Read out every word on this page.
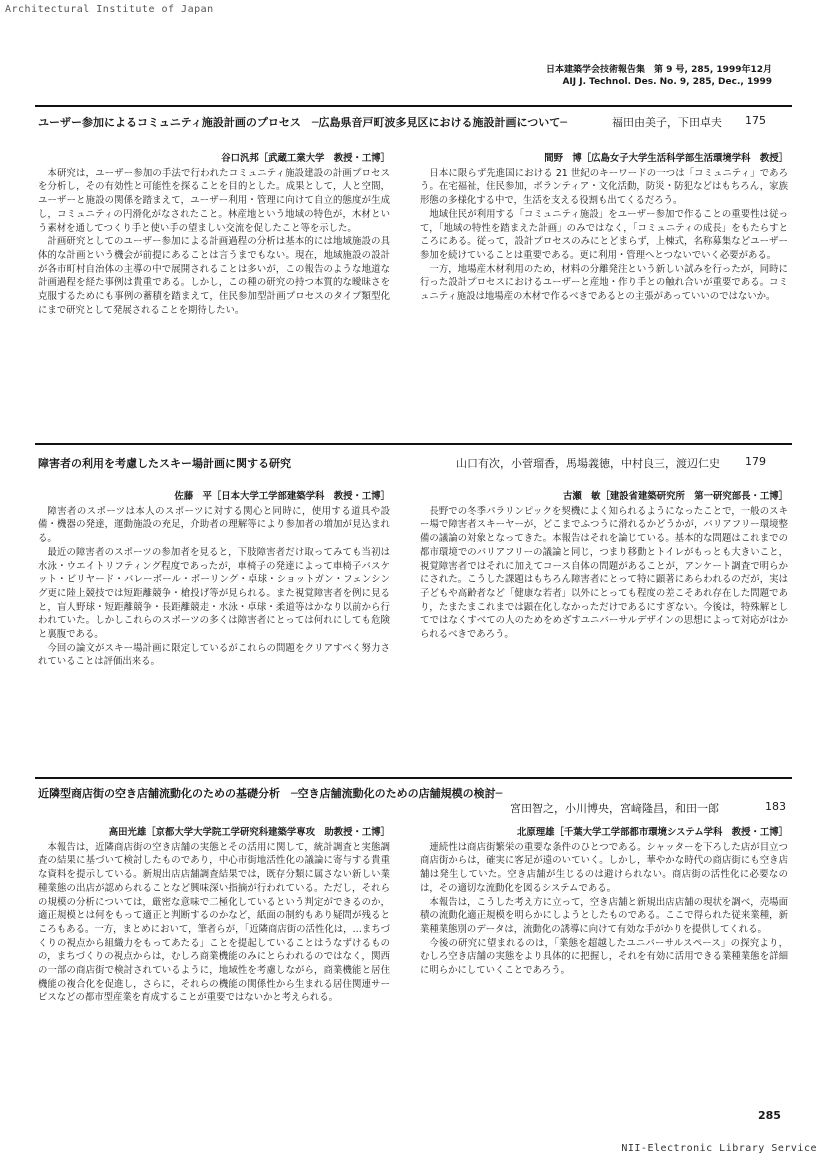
Architectural Institute of Japan
日本建築学会技術報告集　第 9 号, 285, 1999年12月
AIJ J. Technol. Des. No. 9, 285, Dec., 1999
ユーザー参加によるコミュニティ施設計画のプロセス　─広島県音戸町波多見区における施設計画について─	福田由美子，下田卓夫 175
谷口汎邦［武蔵工業大学　教授・工博］

本研究は，ユーザー参加の手法で行われたコミュニティ施設建設の計画プロセスを分析し，その有効性と可能性を探ることを目的とした。成果として，人と空間，ユーザーと施設の関係を踏まえて，ユーザー利用・管理に向けて自立的態度が生成し，コミュニティの円滑化がなされたこと。林産地という地域の特色が，木材という素材を通してつくり手と使い手の望ましい交流を促したこと等を示した。

計画研究としてのユーザー参加による計画過程の分析は基本的には地域施設の具体的な計画という機会が前提にあることは言うまでもない。現在，地域施設の設計が各市町村自治体の主導の中で展開されることは多いが，この報告のような地道な計画過程を経た事例は貴重である。しかし，この種の研究の持つ本質的な曖昧さを克服するためにも事例の蓄積を踏まえて，住民参加型計画プロセスのタイプ類型化にまで研究として発展されることを期待したい。

間野　博［広島女子大学生活科学部生活環境学科　教授］

日本に限らず先進国における 21 世紀のキーワードの一つは「コミュニティ」であろう。在宅福祉，住民参加，ボランティア・文化活動，防災・防犯などはもちろん，家族形態の多様化する中で，生活を支える役割も出てくるだろう。

地域住民が利用する「コミュニティ施設」をユーザー参加で作ることの重要性は従って，「地域の特性を踏まえた計画」のみではなく，「コミュニティの成長」をもたらすところにある。従って，設計プロセスのみにとどまらず，上棟式，名称募集などユーザー参加を続けていることは重要である。更に利用・管理へとつないでいく必要がある。

一方，地場産木材利用のため，材料の分離発注という新しい試みを行ったが，同時に行った設計プロセスにおけるユーザーと産地・作り手との触れ合いが重要である。コミュニティ施設は地場産の木材で作るべきであるとの主張があっていいのではないか。

障害者の利用を考慮したスキー場計画に関する研究	山口有次，小菅瑠香，馬場義徳，中村良三，渡辺仁史 179
佐藤　平［日本大学工学部建築学科　教授・工博］

障害者のスポーツは本人のスポーツに対する関心と同時に，使用する道具や設備・機器の発達，運動施設の充足，介助者の理解等により参加者の増加が見込まれる。

最近の障害者のスポーツの参加者を見ると，下肢障害者だけ取ってみても当初は水泳・ウエイトリフティング程度であったが，車椅子の発達によって車椅子バスケット・ビリヤード・バレーボール・ボーリング・卓球・ショットガン・フェンシング更に陸上競技では短距離競争・槍投げ等が見られる。また視覚障害者を例に見ると，盲人野球・短距離競争・長距離競走・水泳・卓球・柔道等はかなり以前から行われていた。しかしこれらのスポーツの多くは障害者にとっては何れにしても危険と裏腹である。

今回の論文がスキー場計画に限定しているがこれらの問題をクリアすべく努力されていることは評価出来る。

古瀬　敏［建設省建築研究所　第一研究部長・工博］

長野での冬季パラリンピックを契機によく知られるようになったことで，一般のスキー場で障害者スキーヤーが，どこまでふつうに滑れるかどうかが，バリアフリー環境整備の議論の対象となってきた。本報告はそれを論じている。基本的な問題はこれまでの都市環境でのバリアフリーの議論と同じ，つまり移動とトイレがもっとも大きいこと，視覚障害者ではそれに加えてコース自体の問題があることが，アンケート調査で明らかにされた。こうした課題はもちろん障害者にとって特に顕著にあらわれるのだが，実は子どもや高齢者など「健康な若者」以外にとっても程度の差こそあれ存在した問題であり，たまたまこれまでは顕在化しなかっただけであるにすぎない。今後は，特殊解としてではなくすべての人のためをめざすユニバーサルデザインの思想によって対応がはかられるべきであろう。

近隣型商店街の空き店舗流動化のための基礎分析　─空き店舗流動化のための店舗規模の検討─
宮田智之，小川博央，宮﨑隆昌，和田一郎	183
高田光雄［京都大学大学院工学研究科建築学専攻　助教授・工博］

本報告は，近隣商店街の空き店舗の実態とその活用に関して，統計調査と実態調査の結果に基づいて検討したものであり，中心市街地活性化の議論に寄与する貴重な資料を提示している。新規出店店舗調査結果では，既存分類に属さない新しい業種業態の出店が認められることなど興味深い指摘が行われている。ただし，それらの規模の分析については，厳密な意味で二極化しているという判定ができるのか，適正規模とは何をもって適正と判断するのかなど，紙面の制約もあり疑問が残るところもある。一方，まとめにおいて，筆者らが，「近隣商店街の活性化は，…まちづくりの視点から組織力をもってあたる」ことを提起していることはうなずけるものの，まちづくりの視点からは，むしろ商業機能のみにとらわれるのではなく，関西の一部の商店街で検討されているように，地域性を考慮しながら，商業機能と居住機能の複合化を促進し，さらに，それらの機能の関係性から生まれる居住関連サービスなどの都市型産業を育成することが重要ではないかと考えられる。

北原理雄［千葉大学工学部都市環境システム学科　教授・工博］

連続性は商店街繁栄の重要な条件のひとつである。シャッターを下ろした店が目立つ商店街からは，確実に客足が遠のいていく。しかし，華やかな時代の商店街にも空き店舗は発生していた。空き店舗が生じるのは避けられない。商店街の活性化に必要なのは，その適切な流動化を図るシステムである。

本報告は，こうした考え方に立って，空き店舗と新規出店店舗の現状を調べ，売場面積の流動化適正規模を明らかにしようとしたものである。ここで得られた従来業種，新業種業態別のデータは，流動化の誘導に向けて有効な手がかりを提供してくれる。

今後の研究に望まれるのは，「業態を超越したユニバーサルスペース」の探究より，むしろ空き店舗の実態をより具体的に把握し，それを有効に活用できる業種業態を詳細に明らかにしていくことであろう。

285
NII-Electronic Library Service
